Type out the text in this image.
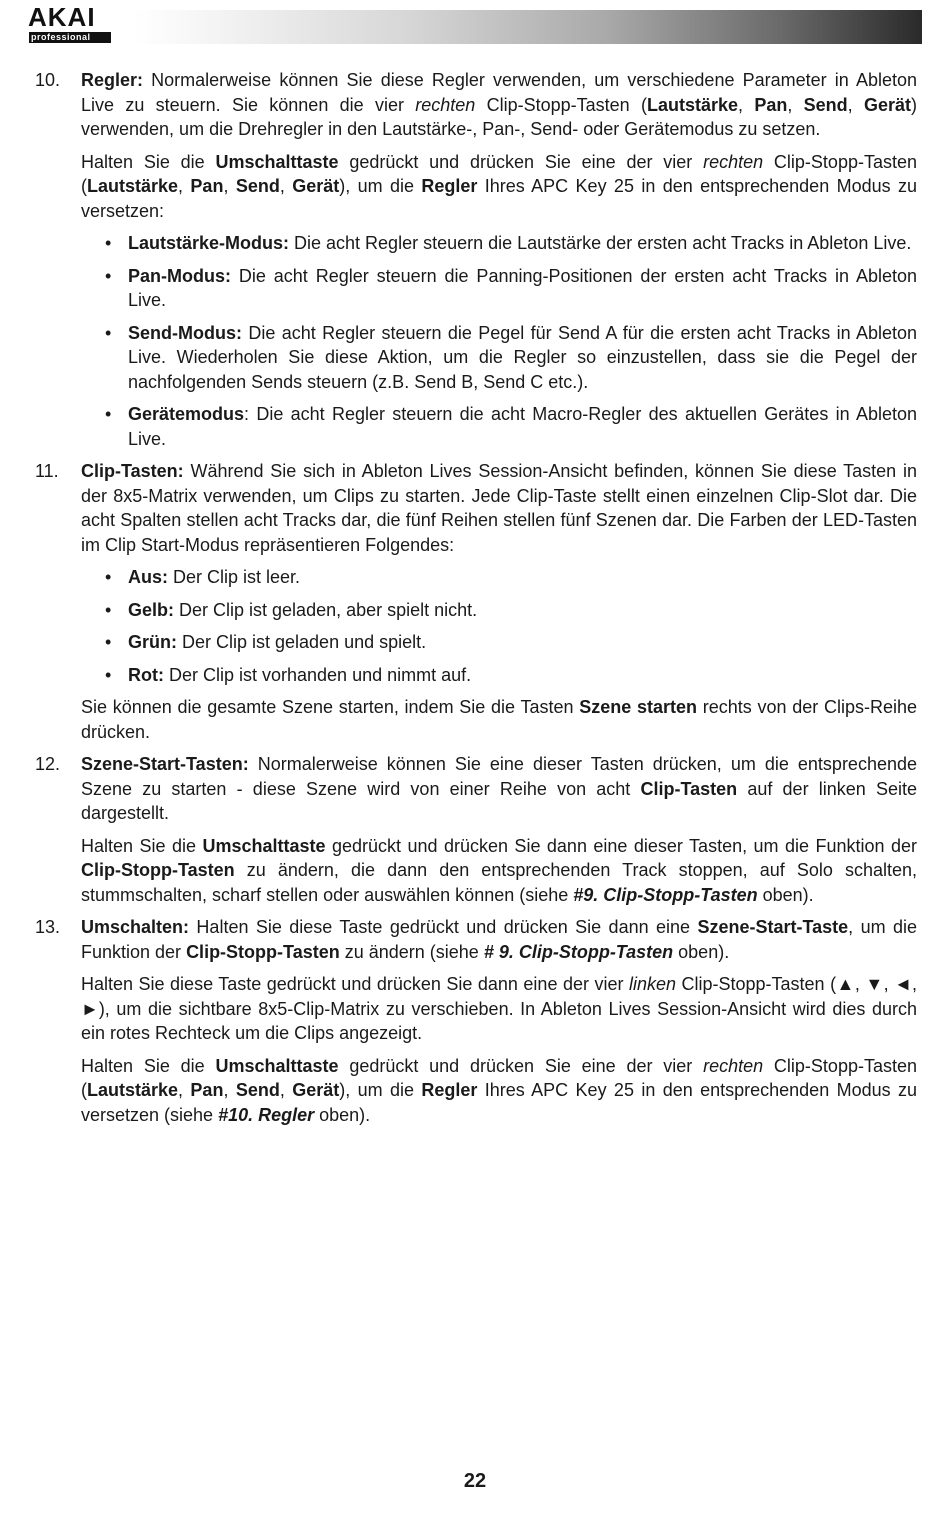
AKAI
professional
10. Regler: Normalerweise können Sie diese Regler verwenden, um verschiedene Parameter in Ableton Live zu steuern. Sie können die vier rechten Clip-Stopp-Tasten (Lautstärke, Pan, Send, Gerät) verwenden, um die Drehregler in den Lautstärke-, Pan-, Send- oder Gerätemodus zu setzen.

Halten Sie die Umschalttaste gedrückt und drücken Sie eine der vier rechten Clip-Stopp-Tasten (Lautstärke, Pan, Send, Gerät), um die Regler Ihres APC Key 25 in den entsprechenden Modus zu versetzen:

• Lautstärke-Modus: Die acht Regler steuern die Lautstärke der ersten acht Tracks in Ableton Live.
• Pan-Modus: Die acht Regler steuern die Panning-Positionen der ersten acht Tracks in Ableton Live.
• Send-Modus: Die acht Regler steuern die Pegel für Send A für die ersten acht Tracks in Ableton Live. Wiederholen Sie diese Aktion, um die Regler so einzustellen, dass sie die Pegel der nachfolgenden Sends steuern (z.B. Send B, Send C etc.).
• Gerätemodus: Die acht Regler steuern die acht Macro-Regler des aktuellen Gerätes in Ableton Live.
11. Clip-Tasten: Während Sie sich in Ableton Lives Session-Ansicht befinden, können Sie diese Tasten in der 8x5-Matrix verwenden, um Clips zu starten. Jede Clip-Taste stellt einen einzelnen Clip-Slot dar. Die acht Spalten stellen acht Tracks dar, die fünf Reihen stellen fünf Szenen dar. Die Farben der LED-Tasten im Clip Start-Modus repräsentieren Folgendes:

• Aus: Der Clip ist leer.
• Gelb: Der Clip ist geladen, aber spielt nicht.
• Grün: Der Clip ist geladen und spielt.
• Rot: Der Clip ist vorhanden und nimmt auf.

Sie können die gesamte Szene starten, indem Sie die Tasten Szene starten rechts von der Clips-Reihe drücken.

12. Szene-Start-Tasten: Normalerweise können Sie eine dieser Tasten drücken, um die entsprechende Szene zu starten - diese Szene wird von einer Reihe von acht Clip-Tasten auf der linken Seite dargestellt.

Halten Sie die Umschalttaste gedrückt und drücken Sie dann eine dieser Tasten, um die Funktion der Clip-Stopp-Tasten zu ändern, die dann den entsprechenden Track stoppen, auf Solo schalten, stummschalten, scharf stellen oder auswählen können (siehe #9. Clip-Stopp-Tasten oben).

13. Umschalten: Halten Sie diese Taste gedrückt und drücken Sie dann eine Szene-Start-Taste, um die Funktion der Clip-Stopp-Tasten zu ändern (siehe # 9. Clip-Stopp-Tasten oben).

Halten Sie diese Taste gedrückt und drücken Sie dann eine der vier linken Clip-Stopp-Tasten (▲, ▼, ◄, ►), um die sichtbare 8x5-Clip-Matrix zu verschieben. In Ableton Lives Session-Ansicht wird dies durch ein rotes Rechteck um die Clips angezeigt.

Halten Sie die Umschalttaste gedrückt und drücken Sie eine der vier rechten Clip-Stopp-Tasten (Lautstärke, Pan, Send, Gerät), um die Regler Ihres APC Key 25 in den entsprechenden Modus zu versetzen (siehe #10. Regler oben).

22
